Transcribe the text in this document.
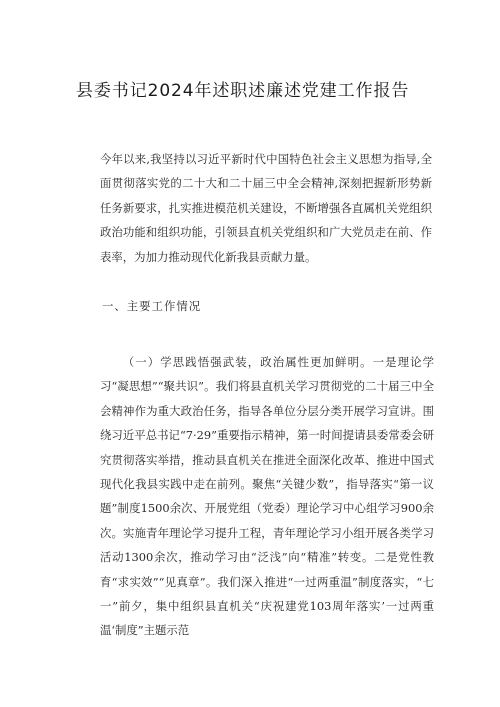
县委书记2024年述职述廉述党建工作报告

今年以来,我坚持以习近平新时代中国特色社会主义思想为指导,全面贯彻落实党的二十大和二十届三中全会精神,深刻把握新形势新任务新要求，扎实推进模范机关建设，不断增强各直属机关党组织政治功能和组织功能，引领县直机关党组织和广大党员走在前、作表率，为加力推动现代化新我县贡献力量。

一、主要工作情况

（一）学思践悟强武装，政治属性更加鲜明。一是理论学习“凝思想”“聚共识”。我们将县直机关学习贯彻党的二十届三中全会精神作为重大政治任务，指导各单位分层分类开展学习宣讲。围绕习近平总书记“7·29”重要指示精神，第一时间提请县委常委会研究贯彻落实举措，推动县直机关在推进全面深化改革、推进中国式现代化我县实践中走在前列。聚焦“关键少数”，指导落实“第一议题”制度1500余次、开展党组（党委）理论学习中心组学习900余次。实施青年理论学习提升工程，青年理论学习小组开展各类学习活动1300余次，推动学习由“泛浅”向“精准”转变。二是党性教育“求实效”“见真章”。我们深入推进“一过两重温”制度落实，“七一”前夕，集中组织县直机关“庆祝建党103周年落实’一过两重温‘制度”主题示范
